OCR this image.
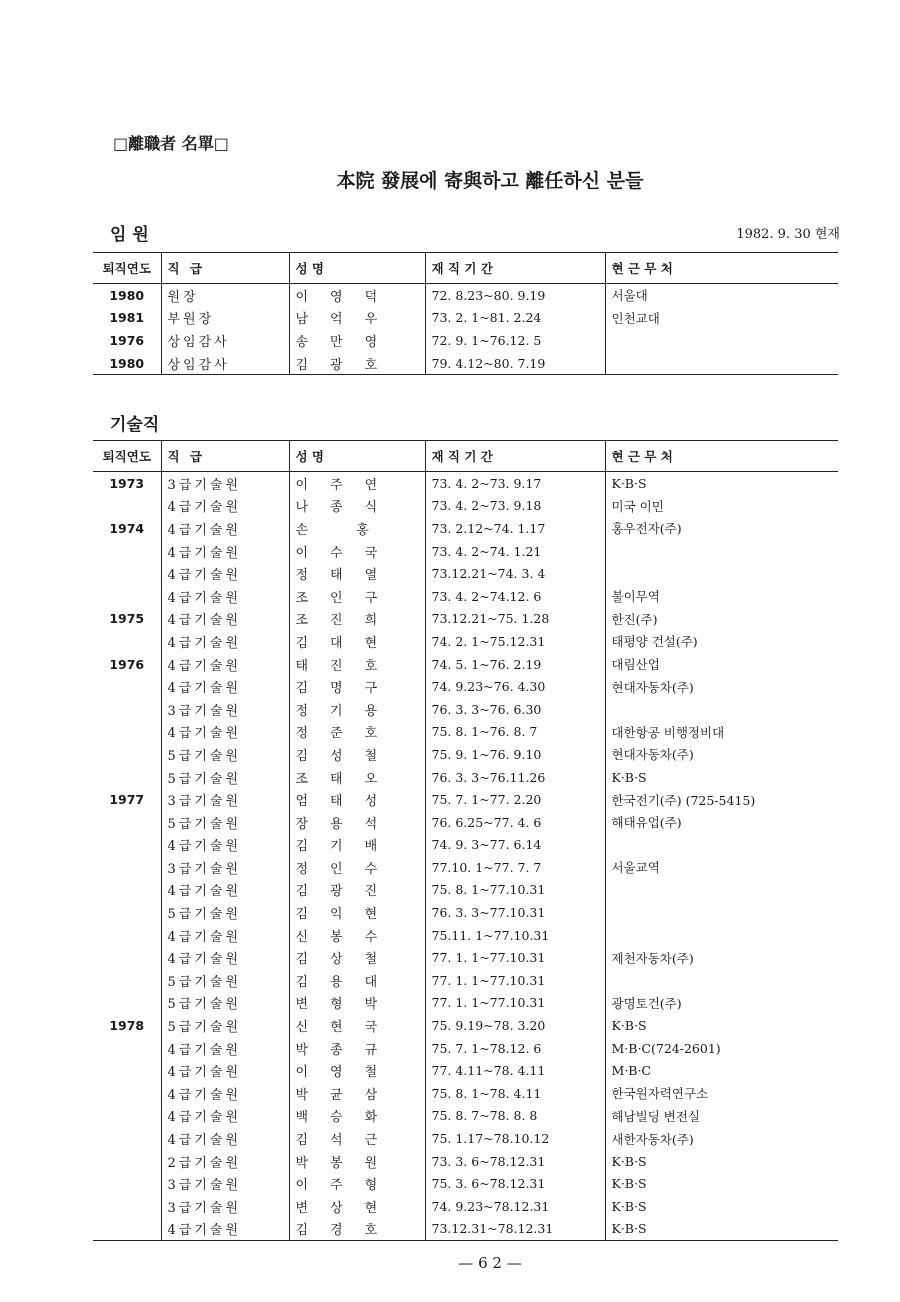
□離職者 名單□
本院 發展에 寄與하고 離任하신 분들
임 원	1982. 9. 30 현재
퇴직연도	직 급	성 명	재 직 기 간	현 근 무 처
1980	원장	이영덕	72. 8.23~80. 9.19	서울대
1981	부원장	남억우	73. 2. 1~81. 2.24	인천교대
1976	상임감사	송만영	72. 9. 1~76.12. 5	
1980	상임감사	김광호	79. 4.12~80. 7.19	
기술직
퇴직연도	직 급	성 명	재 직 기 간	현 근 무 처
1973	3급기술원	이주연	73. 4. 2~73. 9.17	K·B·S
	4급기술원	나종식	73. 4. 2~73. 9.18	미국 이민
1974	4급기술원	손 홍	73. 2.12~74. 1.17	홍우전자(주)
	4급기술원	이수국	73. 4. 2~74. 1.21	
	4급기술원	정태열	73.12.21~74. 3. 4	
	4급기술원	조인구	73. 4. 2~74.12. 6	불이무역
1975	4급기술원	조진희	73.12.21~75. 1.28	한진(주)
	4급기술원	김대현	74. 2. 1~75.12.31	태평양 건설(주)
1976	4급기술원	태진호	74. 5. 1~76. 2.19	대림산업
	4급기술원	김명구	74. 9.23~76. 4.30	현대자동차(주)
	3급기술원	정기용	76. 3. 3~76. 6.30	
	4급기술원	정준호	75. 8. 1~76. 8. 7	대한항공 비행정비대
	5급기술원	김성철	75. 9. 1~76. 9.10	현대자동차(주)
	5급기술원	조태오	76. 3. 3~76.11.26	K·B·S
1977	3급기술원	엄태성	75. 7. 1~77. 2.20	한국전기(주) (725-5415)
	5급기술원	장용석	76. 6.25~77. 4. 6	해태유업(주)
	4급기술원	김기배	74. 9. 3~77. 6.14	
	3급기술원	정인수	77.10. 1~77. 7. 7	서울교역
	4급기술원	김광진	75. 8. 1~77.10.31	
	5급기술원	김익현	76. 3. 3~77.10.31	
	4급기술원	신봉수	75.11. 1~77.10.31	
	4급기술원	김상철	77. 1. 1~77.10.31	제천자동차(주)
	5급기술원	김용대	77. 1. 1~77.10.31	
	5급기술원	변형박	77. 1. 1~77.10.31	광명토건(주)
1978	5급기술원	신현국	75. 9.19~78. 3.20	K·B·S
	4급기술원	박종규	75. 7. 1~78.12. 6	M·B·C(724-2601)
	4급기술원	이영철	77. 4.11~78. 4.11	M·B·C
	4급기술원	박균삼	75. 8. 1~78. 4.11	한국원자력연구소
	4급기술원	백승화	75. 8. 7~78. 8. 8	해남빌딩 변전실
	4급기술원	김석근	75. 1.17~78.10.12	새한자동차(주)
	2급기술원	박봉원	73. 3. 6~78.12.31	K·B·S
	3급기술원	이주형	75. 3. 6~78.12.31	K·B·S
	3급기술원	변상현	74. 9.23~78.12.31	K·B·S
	4급기술원	김경호	73.12.31~78.12.31	K·B·S
— 6 2 —
